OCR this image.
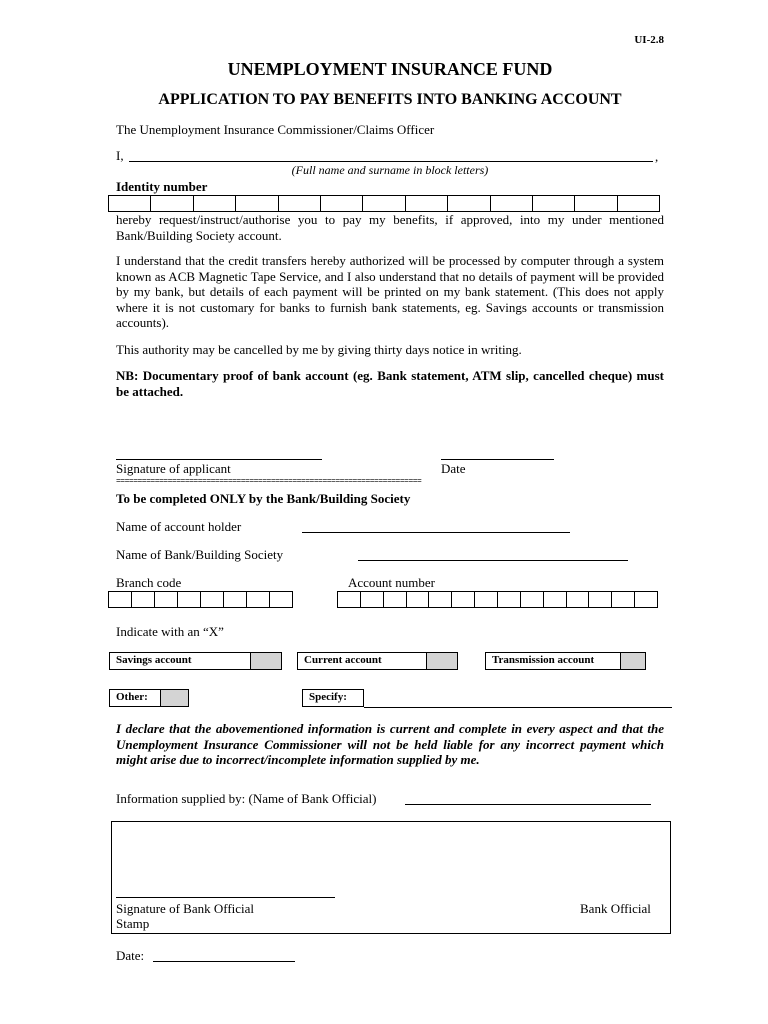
UI-2.8
UNEMPLOYMENT INSURANCE FUND
APPLICATION TO PAY BENEFITS INTO BANKING ACCOUNT
The Unemployment Insurance Commissioner/Claims Officer
I,	,
(Full name and surname in block letters)
Identity number
hereby request/instruct/authorise you to pay my benefits, if approved, into my under mentioned Bank/Building Society account.
I understand that the credit transfers hereby authorized will be processed by computer through a system known as ACB Magnetic Tape Service, and I also understand that no details of payment will be provided by my bank, but details of each payment will be printed on my bank statement. (This does not apply where it is not customary for banks to furnish bank statements, eg. Savings accounts or transmission accounts).
This authority may be cancelled by me by giving thirty days notice in writing.
NB: Documentary proof of bank account (eg. Bank statement, ATM slip, cancelled cheque) must be attached.
Signature of applicant	Date
=======================================================================
To be completed ONLY by the Bank/Building Society
Name of account holder
Name of Bank/Building Society
Branch code	Account number
Indicate with an “X”
Savings account	Current account	Transmission account
Other:	Specify:
I declare that the abovementioned information is current and complete in every aspect and that the Unemployment Insurance Commissioner will not be held liable for any incorrect payment which might arise due to incorrect/incomplete information supplied by me.
Information supplied by: (Name of Bank Official)
Signature of Bank Official
Stamp
Bank Official
Date:
